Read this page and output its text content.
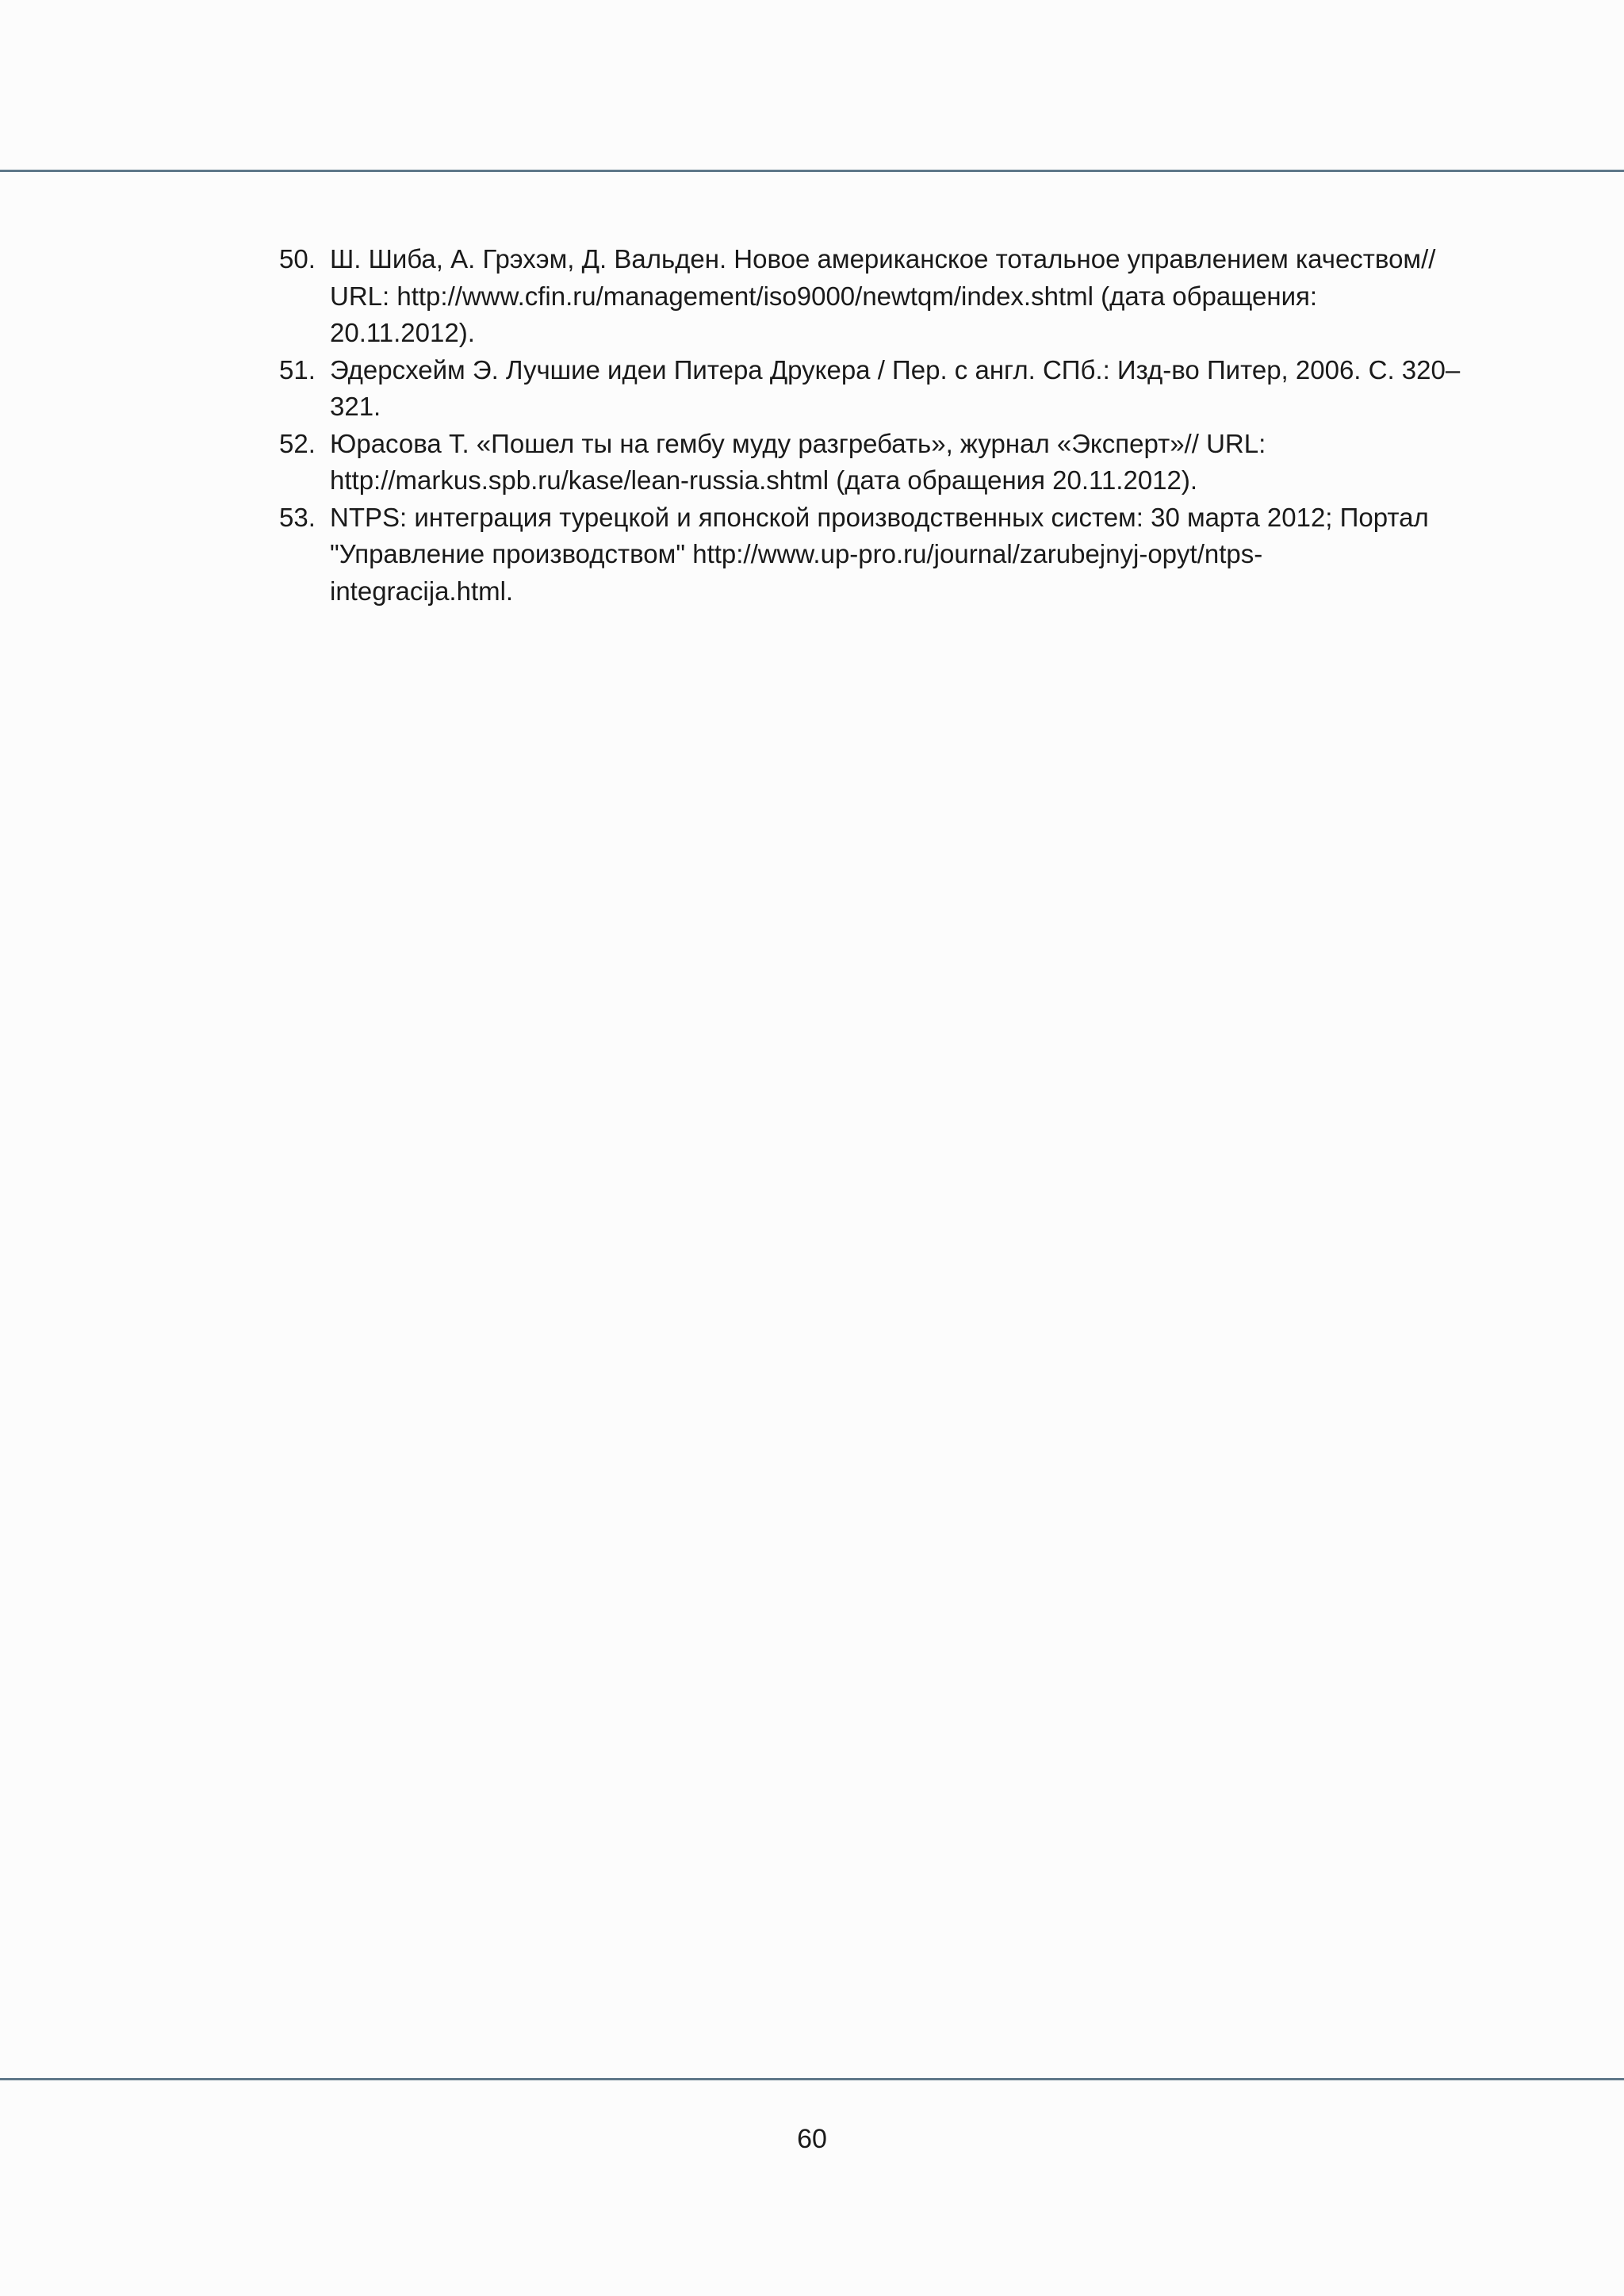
50. Ш. Шиба, А. Грэхэм, Д. Вальден. Новое американское тотальное управлением качеством//
URL: http://www.cfin.ru/management/iso9000/newtqm/index.shtml (дата обращения:
20.11.2012).
51. Эдерсхейм Э. Лучшие идеи Питера Друкера / Пер. с англ. СПб.: Изд-во Питер, 2006. С. 320–
321.
52. Юрасова Т. «Пошел ты на гембу муду разгребать», журнал «Эксперт»// URL:
http://markus.spb.ru/kase/lean-russia.shtml (дата обращения 20.11.2012).
53. NTPS: интеграция турецкой и японской производственных систем: 30 марта 2012; Портал
"Управление производством" http://www.up-pro.ru/journal/zarubejnyj-opyt/ntps-
integracija.html.
60
